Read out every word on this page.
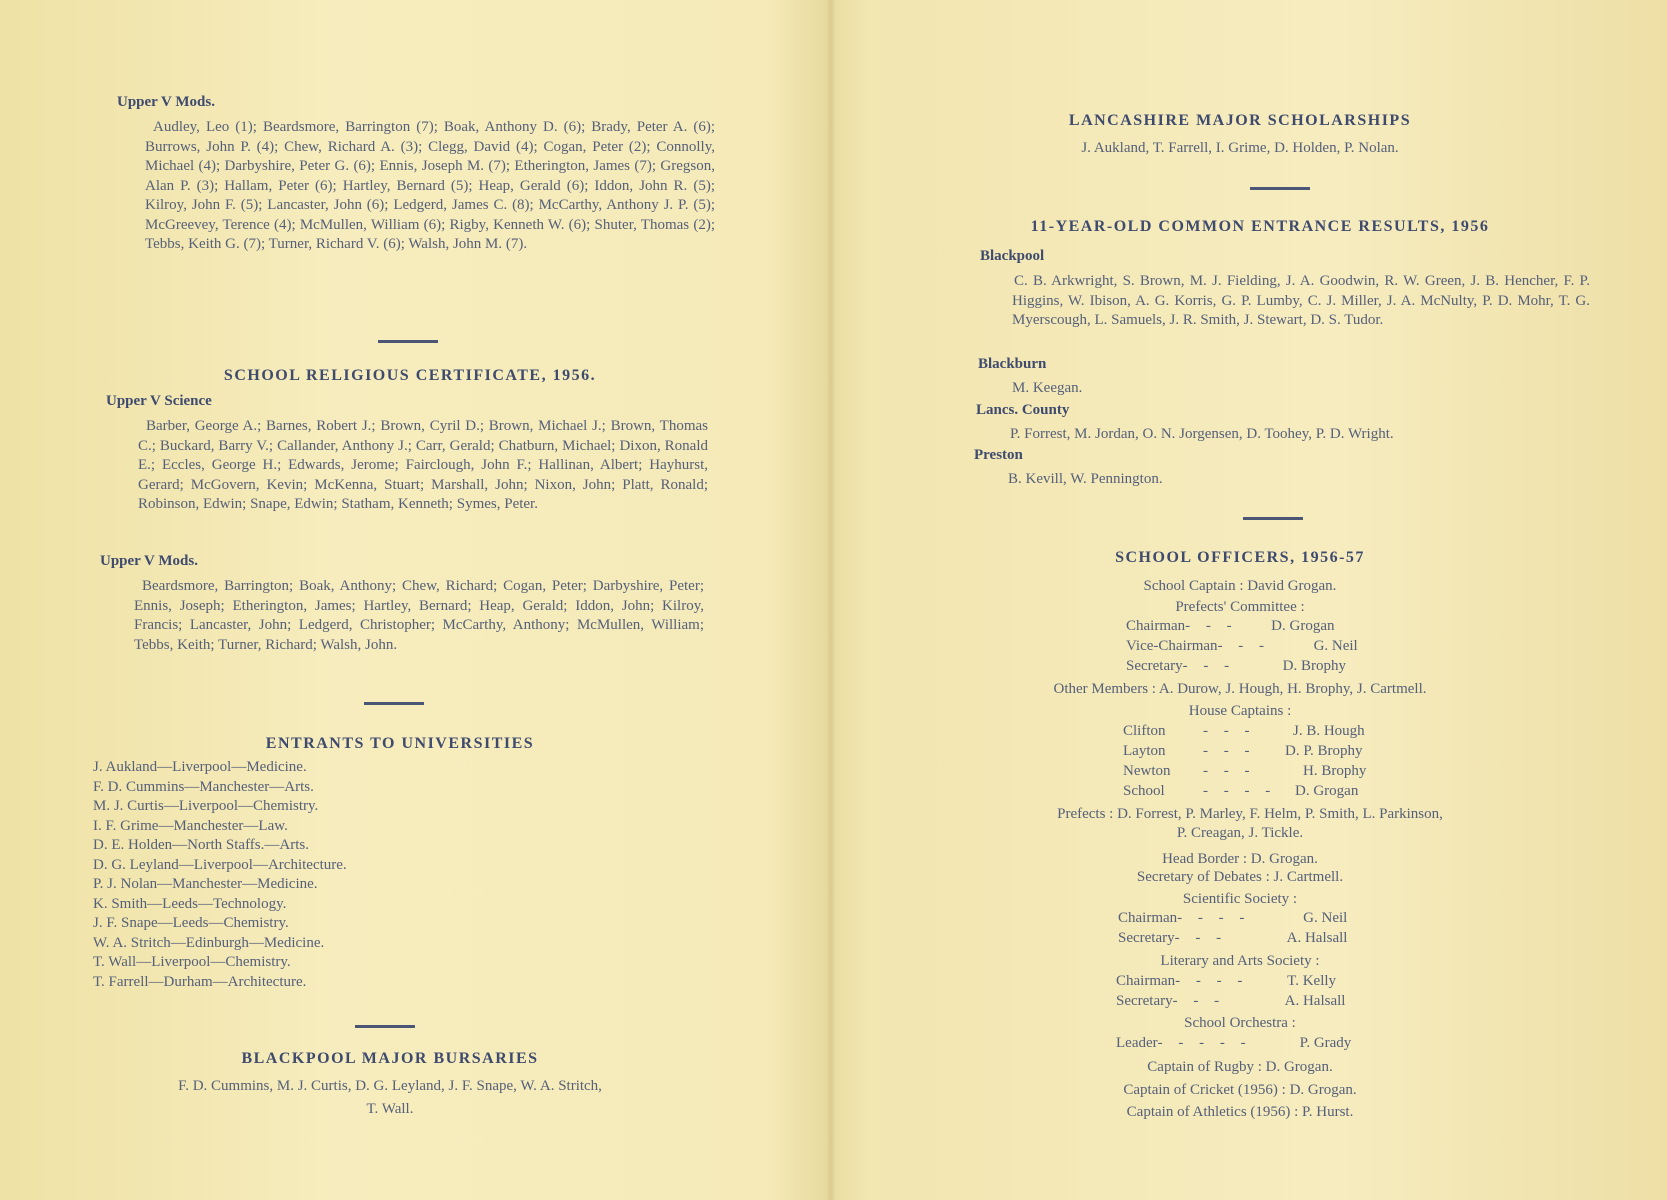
Upper V Mods.
Audley, Leo (1); Beardsmore, Barrington (7); Boak, Anthony D. (6); Brady, Peter A. (6); Burrows, John P. (4); Chew, Richard A. (3); Clegg, David (4); Cogan, Peter (2); Connolly, Michael (4); Darbyshire, Peter G. (6); Ennis, Joseph M. (7); Etherington, James (7); Gregson, Alan P. (3); Hallam, Peter (6); Hartley, Bernard (5); Heap, Gerald (6); Iddon, John R. (5); Kilroy, John F. (5); Lancaster, John (6); Ledgerd, James C. (8); McCarthy, Anthony J. P. (5); McGreevey, Terence (4); McMullen, William (6); Rigby, Kenneth W. (6); Shuter, Thomas (2); Tebbs, Keith G. (7); Turner, Richard V. (6); Walsh, John M. (7).
SCHOOL RELIGIOUS CERTIFICATE, 1956.
Upper V Science
Barber, George A.; Barnes, Robert J.; Brown, Cyril D.; Brown, Michael J.; Brown, Thomas C.; Buckard, Barry V.; Callander, Anthony J.; Carr, Gerald; Chatburn, Michael; Dixon, Ronald E.; Eccles, George H.; Edwards, Jerome; Fairclough, John F.; Hallinan, Albert; Hayhurst, Gerard; McGovern, Kevin; McKenna, Stuart; Marshall, John; Nixon, John; Platt, Ronald; Robinson, Edwin; Snape, Edwin; Statham, Kenneth; Symes, Peter.
Upper V Mods.
Beardsmore, Barrington; Boak, Anthony; Chew, Richard; Cogan, Peter; Darbyshire, Peter; Ennis, Joseph; Etherington, James; Hartley, Bernard; Heap, Gerald; Iddon, John; Kilroy, Francis; Lancaster, John; Ledgerd, Christopher; McCarthy, Anthony; McMullen, William; Tebbs, Keith; Turner, Richard; Walsh, John.
ENTRANTS TO UNIVERSITIES
J. Aukland—Liverpool—Medicine.
F. D. Cummins—Manchester—Arts.
M. J. Curtis—Liverpool—Chemistry.
I. F. Grime—Manchester—Law.
D. E. Holden—North Staffs.—Arts.
D. G. Leyland—Liverpool—Architecture.
P. J. Nolan—Manchester—Medicine.
K. Smith—Leeds—Technology.
J. F. Snape—Leeds—Chemistry.
W. A. Stritch—Edinburgh—Medicine.
T. Wall—Liverpool—Chemistry.
T. Farrell—Durham—Architecture.
BLACKPOOL MAJOR BURSARIES
F. D. Cummins, M. J. Curtis, D. G. Leyland, J. F. Snape, W. A. Stritch,
T. Wall.
LANCASHIRE MAJOR SCHOLARSHIPS
J. Aukland, T. Farrell, I. Grime, D. Holden, P. Nolan.
11-YEAR-OLD COMMON ENTRANCE RESULTS, 1956
Blackpool
C. B. Arkwright, S. Brown, M. J. Fielding, J. A. Goodwin, R. W. Green, J. B. Hencher, F. P. Higgins, W. Ibison, A. G. Korris, G. P. Lumby, C. J. Miller, J. A. McNulty, P. D. Mohr, T. G. Myerscough, L. Samuels, J. R. Smith, J. Stewart, D. S. Tudor.
Blackburn
M. Keegan.
Lancs. County
P. Forrest, M. Jordan, O. N. Jorgensen, D. Toohey, P. D. Wright.
Preston
B. Kevill, W. Pennington.
SCHOOL OFFICERS, 1956-57
School Captain : David Grogan.
Prefects' Committee :
Chairman- - -D. Grogan
Vice-Chairman- - -	G. Neil
Secretary- - -	D. Brophy
Other Members : A. Durow, J. Hough, H. Brophy, J. Cartmell.
House Captains :
Clifton- - -	J. B. Hough
Layton	- - -D. P. Brophy
Newton- - -	H. Brophy
School	- - - -D. Grogan
Prefects : D. Forrest, P. Marley, F. Helm, P. Smith, L. Parkinson,
P. Creagan, J. Tickle.
Head Border : D. Grogan.
Secretary of Debates : J. Cartmell.
Scientific Society :
Chairman- - - -	G. Neil
Secretary- - -	A. Halsall
Literary and Arts Society :
Chairman- - - -	T. Kelly
Secretary- - -	A. Halsall
School Orchestra :
Leader- - - - -	P. Grady
Captain of Rugby : D. Grogan.
Captain of Cricket (1956) : D. Grogan.
Captain of Athletics (1956) : P. Hurst.
